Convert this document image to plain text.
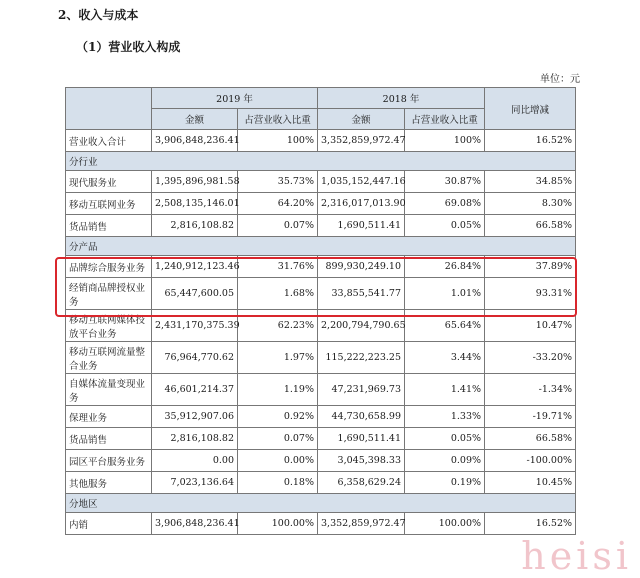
2、收入与成本
（1）营业收入构成
单位：元
	2019 年		2018 年		同比增减
	金额	占营业收入比重	金额	占营业收入比重	
营业收入合计	3,906,848,236.41	100%	3,352,859,972.47	100%	16.52%
分行业					
现代服务业	1,395,896,981.58	35.73%	1,035,152,447.16	30.87%	34.85%
移动互联网业务	2,508,135,146.01	64.20%	2,316,017,013.90	69.08%	8.30%
货品销售	2,816,108.82	0.07%	1,690,511.41	0.05%	66.58%
分产品					
品牌综合服务业务	1,240,912,123.46	31.76%	899,930,249.10	26.84%	37.89%
经销商品牌授权业务	65,447,600.05	1.68%	33,855,541.77	1.01%	93.31%
移动互联网媒体投放平台业务	2,431,170,375.39	62.23%	2,200,794,790.65	65.64%	10.47%
移动互联网流量整合业务	76,964,770.62	1.97%	115,222,223.25	3.44%	-33.20%
自媒体流量变现业务	46,601,214.37	1.19%	47,231,969.73	1.41%	-1.34%
保理业务	35,912,907.06	0.92%	44,730,658.99	1.33%	-19.71%
货品销售	2,816,108.82	0.07%	1,690,511.41	0.05%	66.58%
园区平台服务业务	0.00	0.00%	3,045,398.33	0.09%	-100.00%
其他服务	7,023,136.64	0.18%	6,358,629.24	0.19%	10.45%
分地区					
内销	3,906,848,236.41	100.00%	3,352,859,972.47	100.00%	16.52%
heisi
